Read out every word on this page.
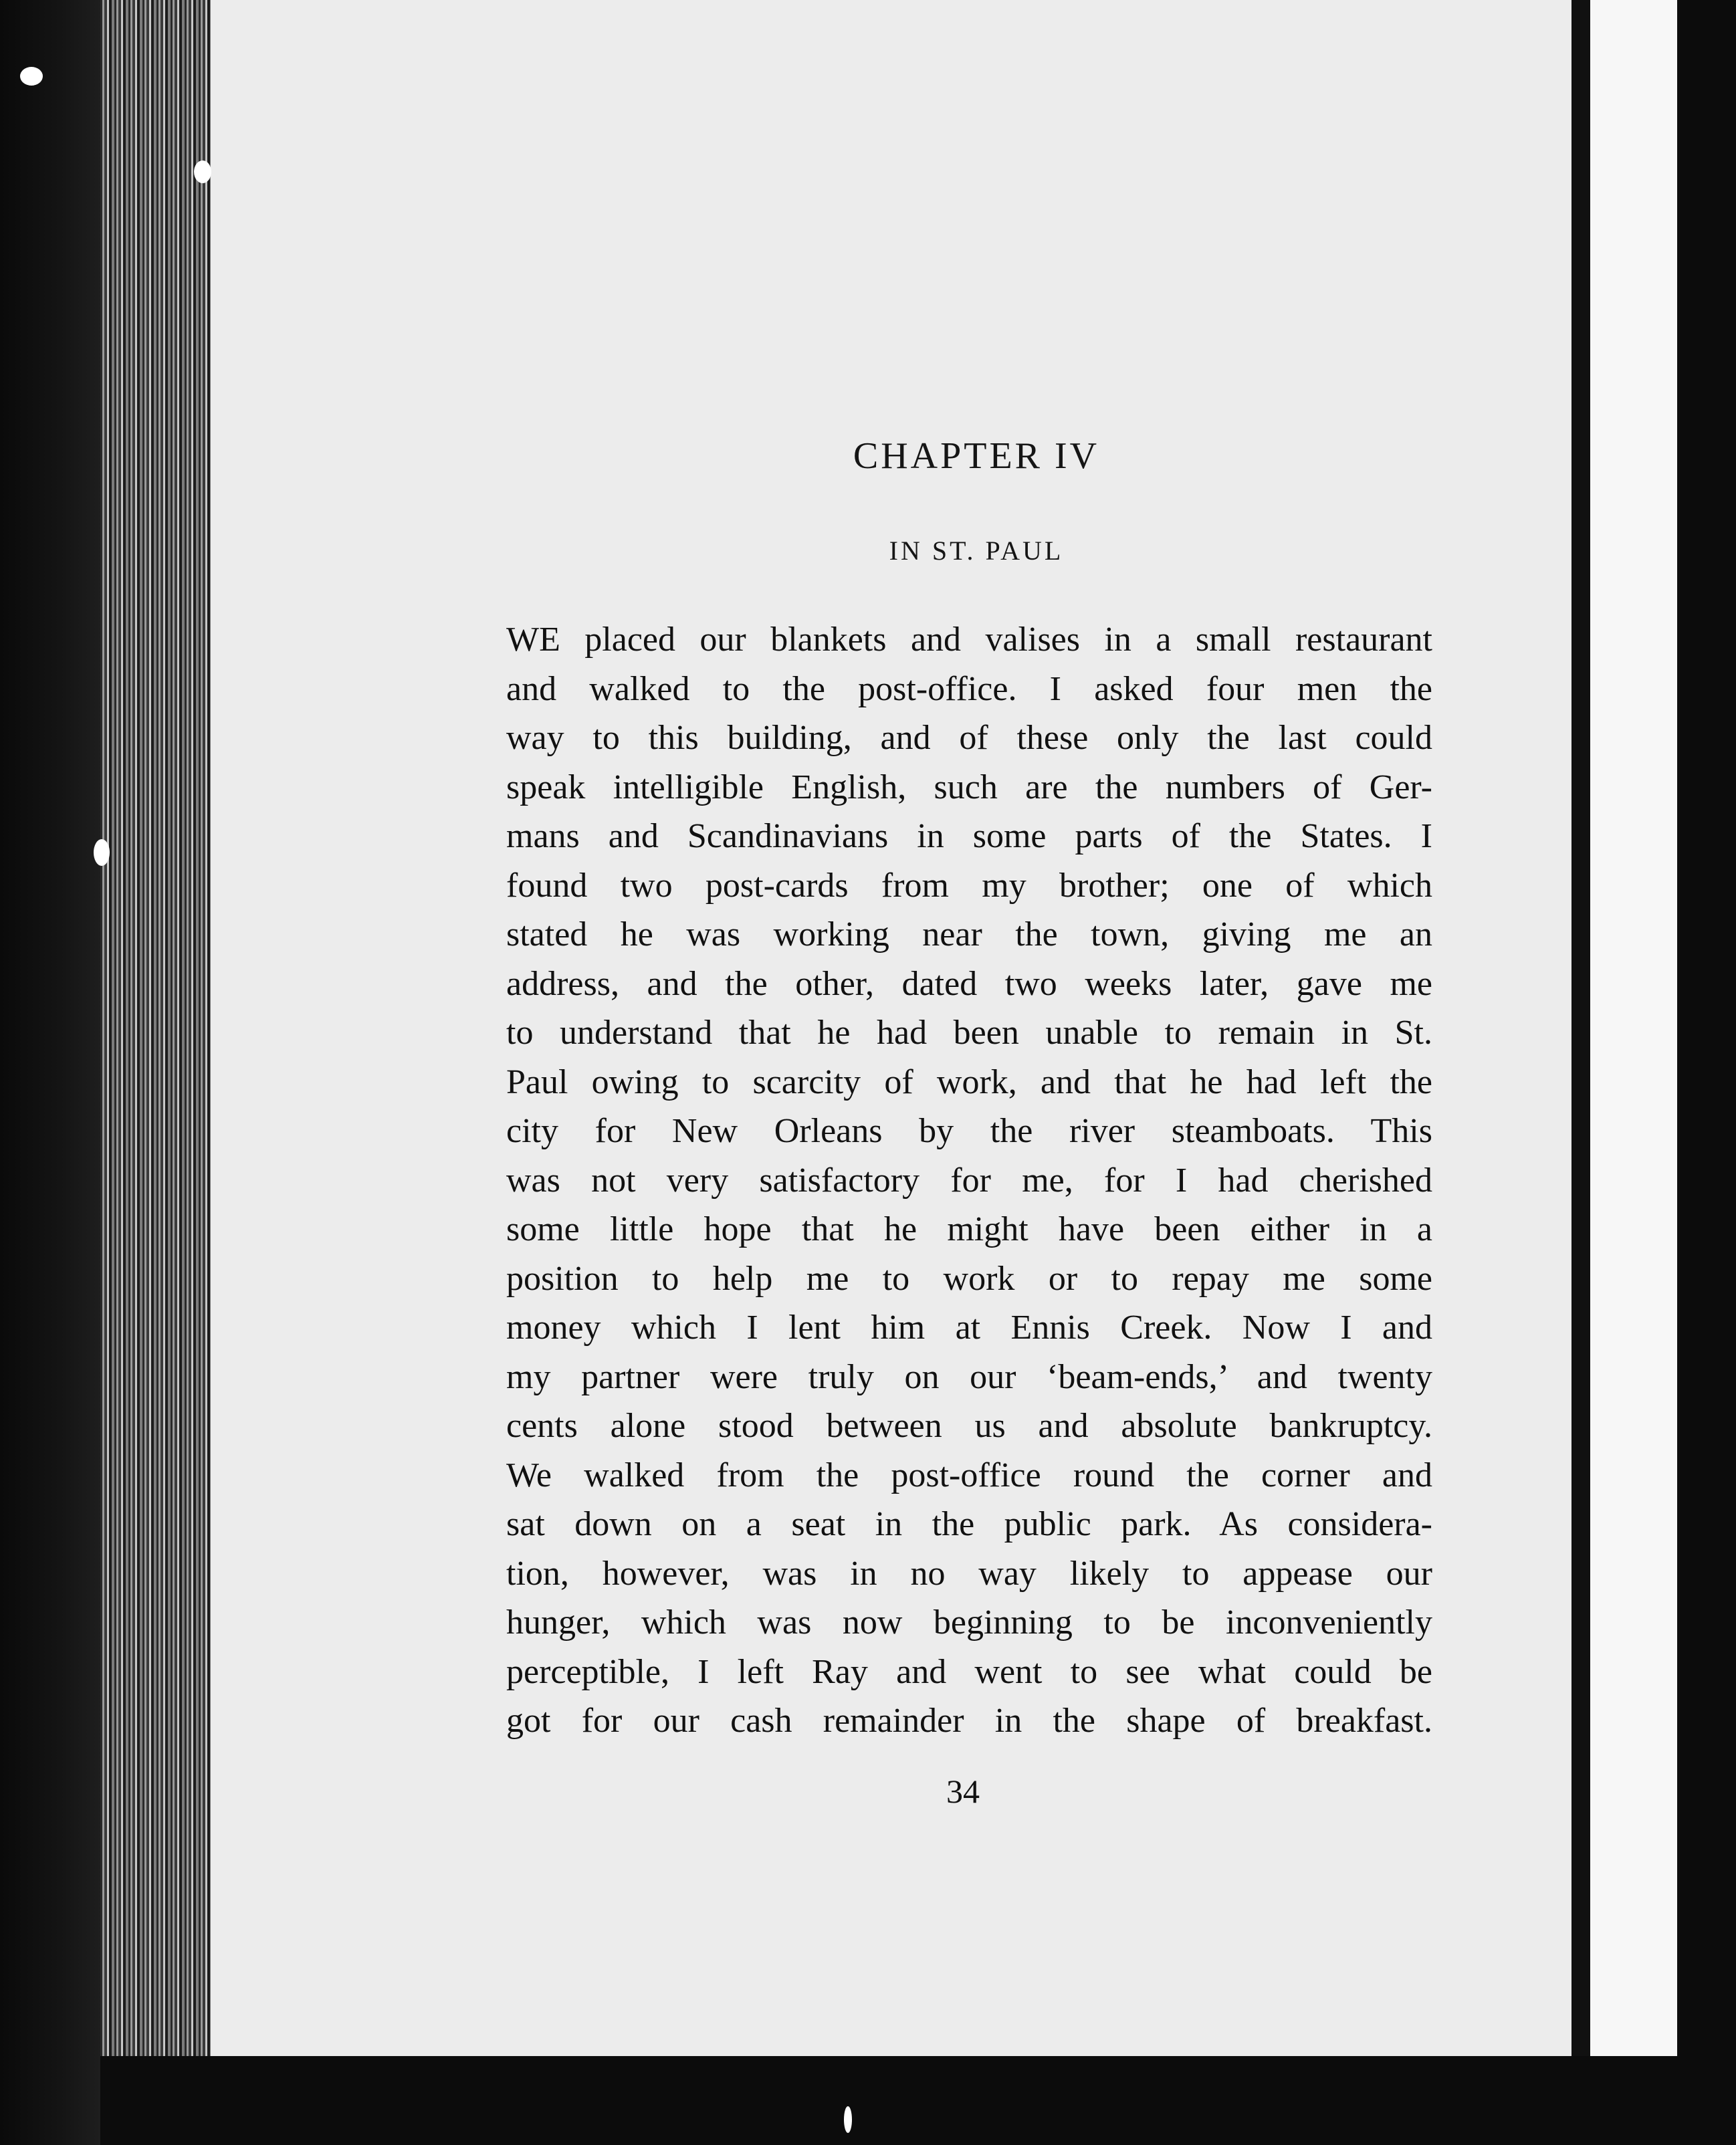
CHAPTER IV
IN ST. PAUL
WE placed our blankets and valises in a small restaurant
and walked to the post-office. I asked four men the
way to this building, and of these only the last could
speak intelligible English, such are the numbers of Ger-
mans and Scandinavians in some parts of the States. I
found two post-cards from my brother; one of which
stated he was working near the town, giving me an
address, and the other, dated two weeks later, gave me
to understand that he had been unable to remain in St.
Paul owing to scarcity of work, and that he had left the
city for New Orleans by the river steamboats. This
was not very satisfactory for me, for I had cherished
some little hope that he might have been either in a
position to help me to work or to repay me some
money which I lent him at Ennis Creek. Now I and
my partner were truly on our ‘beam-ends,’ and twenty
cents alone stood between us and absolute bankruptcy.
We walked from the post-office round the corner and
sat down on a seat in the public park. As considera-
tion, however, was in no way likely to appease our
hunger, which was now beginning to be inconveniently
perceptible, I left Ray and went to see what could be
got for our cash remainder in the shape of breakfast.
34
